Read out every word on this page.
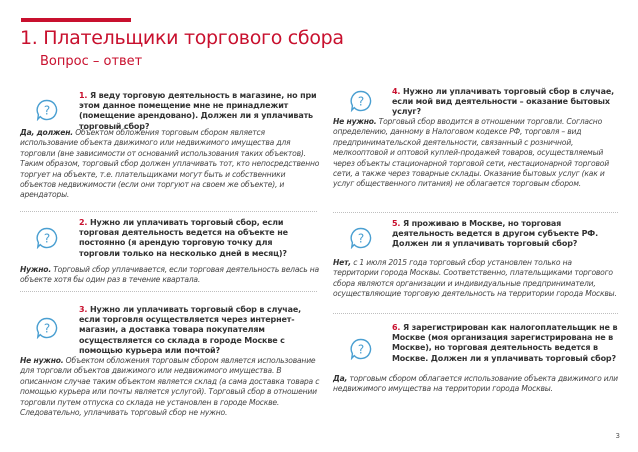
1. Плательщики торгового сбора
Вопрос – ответ
?
1. Я веду торговую деятельность в магазине, но при этом данное помещение мне не принадлежит (помещение арендовано). Должен ли я уплачивать торговый сбор?
Да, должен. Объектом обложения торговым сбором является использование объекта движимого или недвижимого имущества для торговли (вне зависимости от оснований использования таких объектов). Таким образом, торговый сбор должен уплачивать тот, кто непосредственно торгует на объекте, т.е. плательщиками могут быть и собственники объектов недвижимости (если они торгуют на своем же объекте), и арендаторы.
?
2. Нужно ли уплачивать торговый сбор, если торговая деятельность ведется на объекте не постоянно (я арендую торговую точку для торговли только на несколько дней в месяц)?
Нужно. Торговый сбор уплачивается, если торговая деятельность велась на объекте хотя бы один раз в течение квартала.
?
3. Нужно ли уплачивать торговый сбор в случае, если торговля осуществляется через интернет-магазин, а доставка товара покупателям осуществляется со склада в городе Москве с помощью курьера или почтой?
Не нужно. Объектом обложения торговым сбором является использование для торговли объектов движимого или недвижимого имущества. В описанном случае таким объектом является склад (а сама доставка товара с помощью курьера или почты является услугой). Торговый сбор в отношении торговли путем отпуска со склада не установлен в городе Москве. Следовательно, уплачивать торговый сбор не нужно.
?
4. Нужно ли уплачивать торговый сбор в случае, если мой вид деятельности – оказание бытовых услуг?
Не нужно. Торговый сбор вводится в отношении торговли. Согласно определению, данному в Налоговом кодексе РФ, торговля – вид предпринимательской деятельности, связанный с розничной, мелкооптовой и оптовой куплей-продажей товаров, осуществляемый через объекты стационарной торговой сети, нестационарной торговой сети, а также через товарные склады. Оказание бытовых услуг (как и услуг общественного питания) не облагается торговым сбором.
?
5. Я проживаю в Москве, но торговая деятельность ведется в другом субъекте РФ. Должен ли я уплачивать торговый сбор?
Нет, с 1 июля 2015 года торговый сбор установлен только на территории города Москвы. Соответственно, плательщиками торгового сбора являются организации и индивидуальные предприниматели, осуществляющие торговую деятельность на территории города Москвы.
?
6. Я зарегистрирован как налогоплательщик не в Москве (моя организация зарегистрирована не в Москве), но торговая деятельность ведется в Москве. Должен ли я уплачивать торговый сбор?
Да, торговым сбором облагается использование объекта движимого или недвижимого имущества на территории города Москвы.
3
